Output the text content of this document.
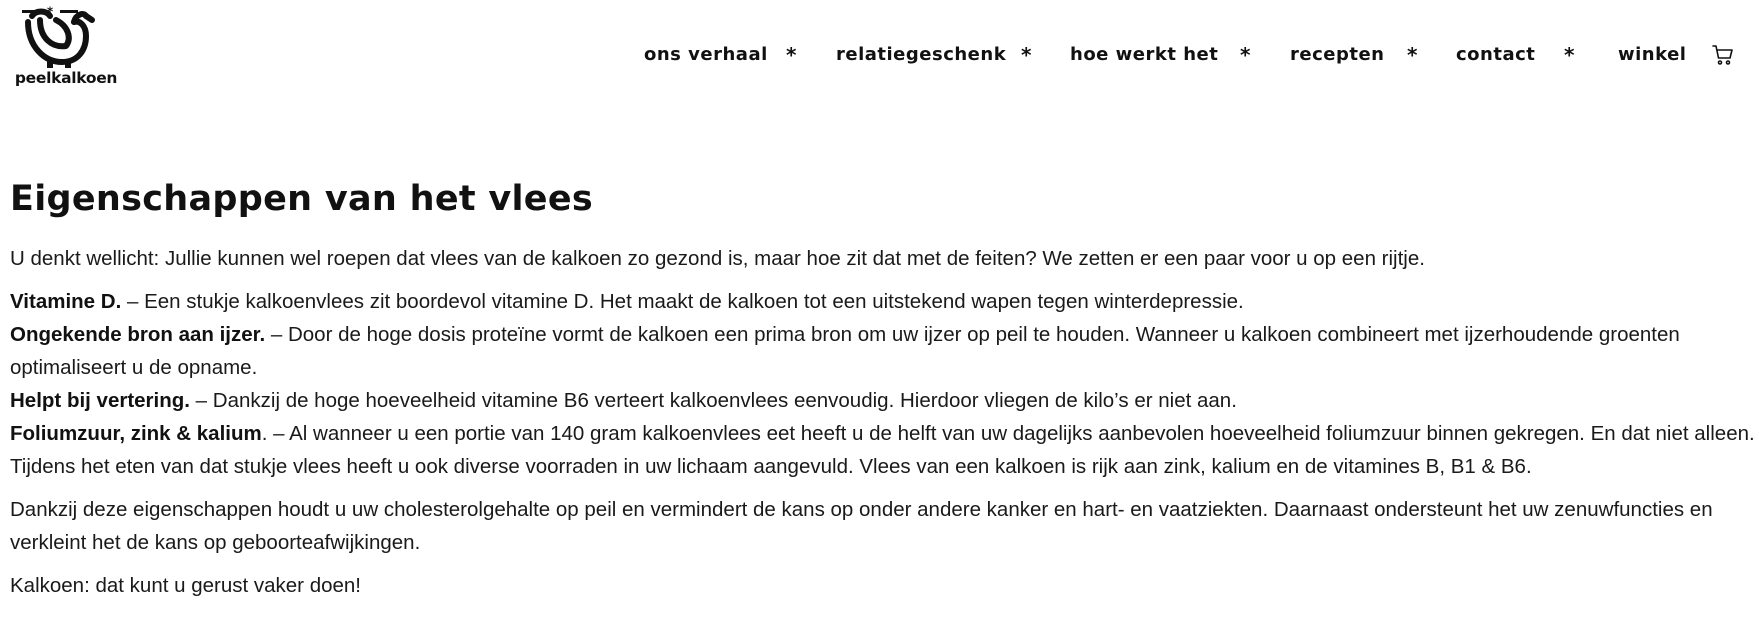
peelkalkoen
*
ons verhaal * relatiegeschenk * hoe werkt het * recepten * contact * winkel
Eigenschappen van het vlees

U denkt wellicht: Jullie kunnen wel roepen dat vlees van de kalkoen zo gezond is, maar hoe zit dat met de feiten? We zetten er een paar voor u op een rijtje.

Vitamine D. – Een stukje kalkoenvlees zit boordevol vitamine D. Het maakt de kalkoen tot een uitstekend wapen tegen winterdepressie.
Ongekende bron aan ijzer. – Door de hoge dosis proteïne vormt de kalkoen een prima bron om uw ijzer op peil te houden. Wanneer u kalkoen combineert met ijzerhoudende groenten optimaliseert u de opname.
Helpt bij vertering. – Dankzij de hoge hoeveelheid vitamine B6 verteert kalkoenvlees eenvoudig. Hierdoor vliegen de kilo’s er niet aan.
Foliumzuur, zink & kalium. – Al wanneer u een portie van 140 gram kalkoenvlees eet heeft u de helft van uw dagelijks aanbevolen hoeveelheid foliumzuur binnen gekregen. En dat niet alleen. Tijdens het eten van dat stukje vlees heeft u ook diverse voorraden in uw lichaam aangevuld. Vlees van een kalkoen is rijk aan zink, kalium en de vitamines B, B1 & B6.

Dankzij deze eigenschappen houdt u uw cholesterolgehalte op peil en vermindert de kans op onder andere kanker en hart- en vaatziekten. Daarnaast ondersteunt het uw zenuwfuncties en verkleint het de kans op geboorteafwijkingen.

Kalkoen: dat kunt u gerust vaker doen!
